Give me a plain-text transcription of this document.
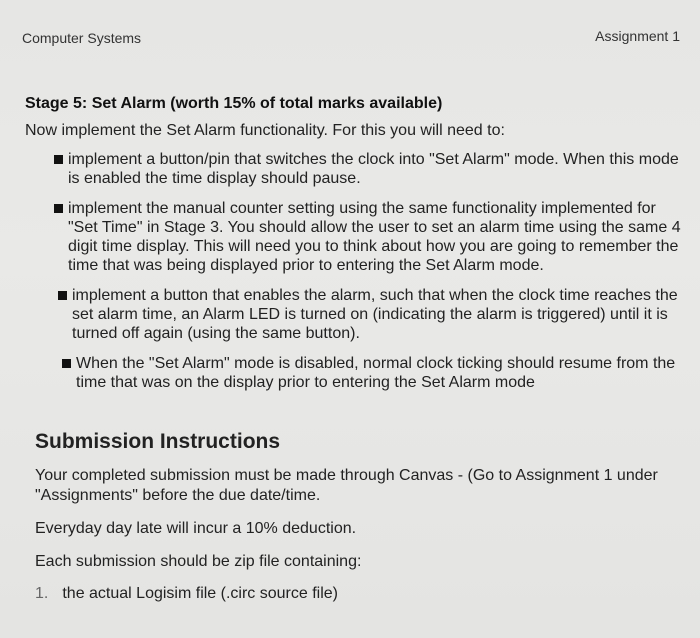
Computer Systems	Assignment 1
Stage 5: Set Alarm (worth 15% of total marks available)
Now implement the Set Alarm functionality. For this you will need to:
implement a button/pin that switches the clock into "Set Alarm" mode. When this mode is enabled the time display should pause.
implement the manual counter setting using the same functionality implemented for "Set Time" in Stage 3. You should allow the user to set an alarm time using the same 4 digit time display. This will need you to think about how you are going to remember the time that was being displayed prior to entering the Set Alarm mode.
implement a button that enables the alarm, such that when the clock time reaches the set alarm time, an Alarm LED is turned on (indicating the alarm is triggered) until it is turned off again (using the same button).
When the "Set Alarm" mode is disabled, normal clock ticking should resume from the time that was on the display prior to entering the Set Alarm mode
Submission Instructions
Your completed submission must be made through Canvas - (Go to Assignment 1 under "Assignments" before the due date/time.
Everyday day late will incur a 10% deduction.
Each submission should be zip file containing:
1. the actual Logisim file (.circ source file)
